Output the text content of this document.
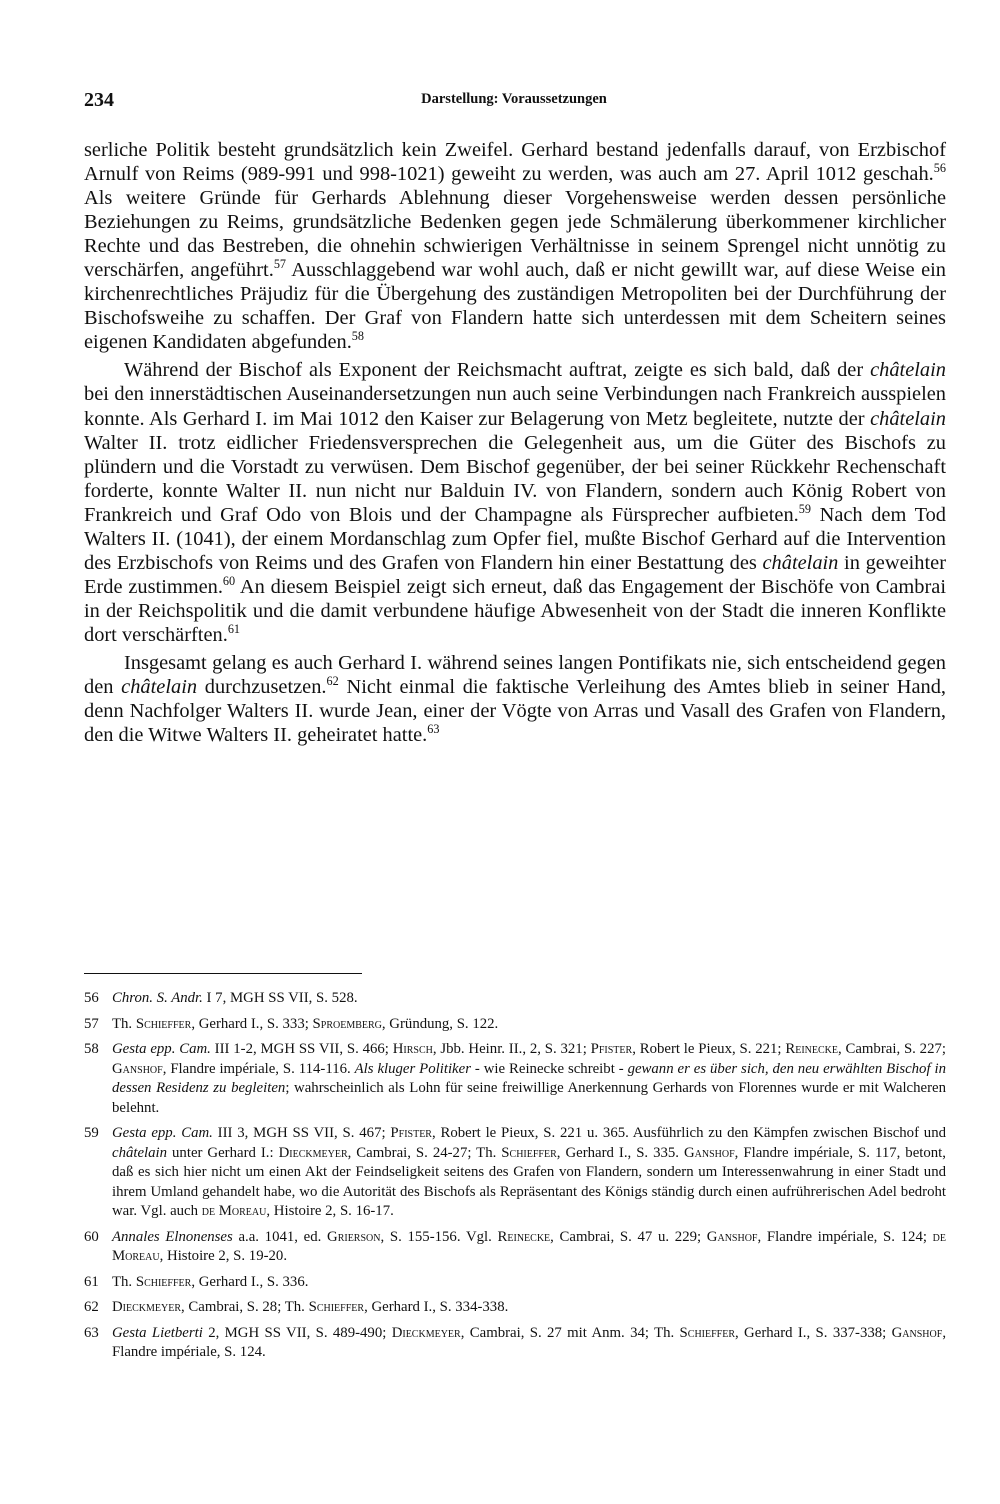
234	Darstellung: Voraussetzungen

serliche Politik besteht grundsätzlich kein Zweifel. Gerhard bestand jedenfalls darauf, von Erzbischof Arnulf von Reims (989-991 und 998-1021) geweiht zu werden, was auch am 27. April 1012 geschah.$^{56}$ Als weitere Gründe für Gerhards Ablehnung dieser Vorgehensweise werden dessen persönliche Beziehungen zu Reims, grundsätzliche Bedenken gegen jede Schmälerung überkommener kirchlicher Rechte und das Bestreben, die ohnehin schwierigen Verhältnisse in seinem Sprengel nicht unnötig zu verschärfen, angeführt.$^{57}$ Ausschlaggebend war wohl auch, daß er nicht gewillt war, auf diese Weise ein kirchenrechtliches Präjudiz für die Übergehung des zuständigen Metropoliten bei der Durchführung der Bischofsweihe zu schaffen. Der Graf von Flandern hatte sich unterdessen mit dem Scheitern seines eigenen Kandidaten abgefunden.$^{58}$

Während der Bischof als Exponent der Reichsmacht auftrat, zeigte es sich bald, daß der châtelain bei den innerstädtischen Auseinandersetzungen nun auch seine Verbindungen nach Frankreich ausspielen konnte. Als Gerhard I. im Mai 1012 den Kaiser zur Belagerung von Metz begleitete, nutzte der châtelain Walter II. trotz eidlicher Friedensversprechen die Gelegenheit aus, um die Güter des Bischofs zu plündern und die Vorstadt zu verwüsen. Dem Bischof gegenüber, der bei seiner Rückkehr Rechenschaft forderte, konnte Walter II. nun nicht nur Balduin IV. von Flandern, sondern auch König Robert von Frankreich und Graf Odo von Blois und der Champagne als Fürsprecher aufbieten.$^{59}$ Nach dem Tod Walters II. (1041), der einem Mordanschlag zum Opfer fiel, mußte Bischof Gerhard auf die Intervention des Erzbischofs von Reims und des Grafen von Flandern hin einer Bestattung des châtelain in geweihter Erde zustimmen.$^{60}$ An diesem Beispiel zeigt sich erneut, daß das Engagement der Bischöfe von Cambrai in der Reichspolitik und die damit verbundene häufige Abwesenheit von der Stadt die inneren Konflikte dort verschärften.$^{61}$

Insgesamt gelang es auch Gerhard I. während seines langen Pontifikats nie, sich entscheidend gegen den châtelain durchzusetzen.$^{62}$ Nicht einmal die faktische Verleihung des Amtes blieb in seiner Hand, denn Nachfolger Walters II. wurde Jean, einer der Vögte von Arras und Vasall des Grafen von Flandern, den die Witwe Walters II. geheiratet hatte.$^{63}$

56 Chron. S. Andr. I 7, MGH SS VII, S. 528.
57 Th. Schieffer, Gerhard I., S. 333; Sproemberg, Gründung, S. 122.
58 Gesta epp. Cam. III 1-2, MGH SS VII, S. 466; Hirsch, Jbb. Heinr. II., 2, S. 321; Pfister, Robert le Pieux, S. 221; Reinecke, Cambrai, S. 227; Ganshof, Flandre impériale, S. 114-116. Als kluger Politiker - wie Reinecke schreibt - gewann er es über sich, den neu erwählten Bischof in dessen Residenz zu begleiten; wahrscheinlich als Lohn für seine freiwillige Anerkennung Gerhards von Florennes wurde er mit Walcheren belehnt.
59 Gesta epp. Cam. III 3, MGH SS VII, S. 467; Pfister, Robert le Pieux, S. 221 u. 365. Ausführlich zu den Kämpfen zwischen Bischof und châtelain unter Gerhard I.: Dieckmeyer, Cambrai, S. 24-27; Th. Schieffer, Gerhard I., S. 335. Ganshof, Flandre impériale, S. 117, betont, daß es sich hier nicht um einen Akt der Feindseligkeit seitens des Grafen von Flandern, sondern um Interessenwahrung in einer Stadt und ihrem Umland gehandelt habe, wo die Autorität des Bischofs als Repräsentant des Königs ständig durch einen aufrührerischen Adel bedroht war. Vgl. auch de Moreau, Histoire 2, S. 16-17.
60 Annales Elnonenses a.a. 1041, ed. Grierson, S. 155-156. Vgl. Reinecke, Cambrai, S. 47 u. 229; Ganshof, Flandre impériale, S. 124; de Moreau, Histoire 2, S. 19-20.
61 Th. Schieffer, Gerhard I., S. 336.
62 Dieckmeyer, Cambrai, S. 28; Th. Schieffer, Gerhard I., S. 334-338.
63 Gesta Lietberti 2, MGH SS VII, S. 489-490; Dieckmeyer, Cambrai, S. 27 mit Anm. 34; Th. Schieffer, Gerhard I., S. 337-338; Ganshof, Flandre impériale, S. 124.
